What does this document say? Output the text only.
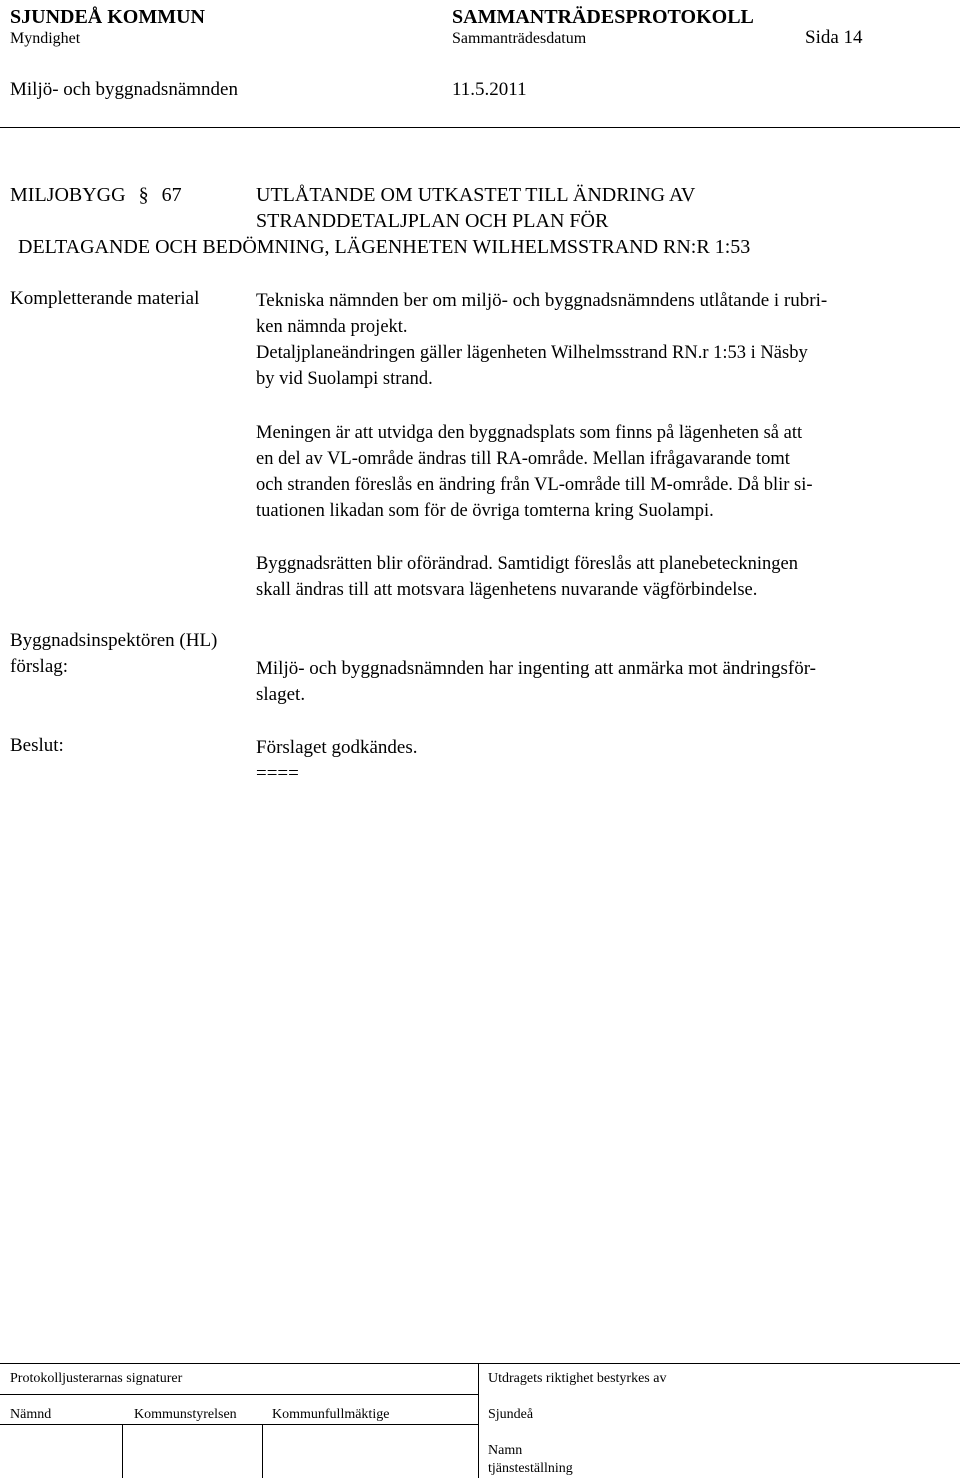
SJUNDEÅ KOMMUN
Myndighet
SAMMANTRÄDESPROTOKOLL
Sammanträdesdatum	Sida 14
Miljö- och byggnadsnämnden	11.5.2011
MILJOBYGG § 67	UTLÅTANDE OM UTKASTET TILL ÄNDRING AV
STRANDDETALJPLAN OCH PLAN FÖR
DELTAGANDE OCH BEDÖMNING, LÄGENHETEN WILHELMSSTRAND RN:R 1:53
Kompletterande material	Tekniska nämnden ber om miljö- och byggnadsnämndens utlåtande i rubri-
ken nämnda projekt.
Detaljplaneändringen gäller lägenheten Wilhelmsstrand RN.r 1:53 i Näsby
by vid Suolampi strand.
Meningen är att utvidga den byggnadsplats som finns på lägenheten så att
en del av VL-område ändras till RA-område. Mellan ifrågavarande tomt
och stranden föreslås en ändring från VL-område till M-område. Då blir si-
tuationen likadan som för de övriga tomterna kring Suolampi.
Byggnadsrätten blir oförändrad. Samtidigt föreslås att planebeteckningen
skall ändras till att motsvara lägenhetens nuvarande vägförbindelse.
Byggnadsinspektören (HL)
förslag:	Miljö- och byggnadsnämnden har ingenting att anmärka mot ändringsför-
slaget.
Beslut:	Förslaget godkändes.
====
Protokolljusterarnas signaturer	Utdragets riktighet bestyrkes av
Nämnd	Kommunstyrelsen	Kommunfullmäktige	Sjundeå
Namn
tjänsteställning
